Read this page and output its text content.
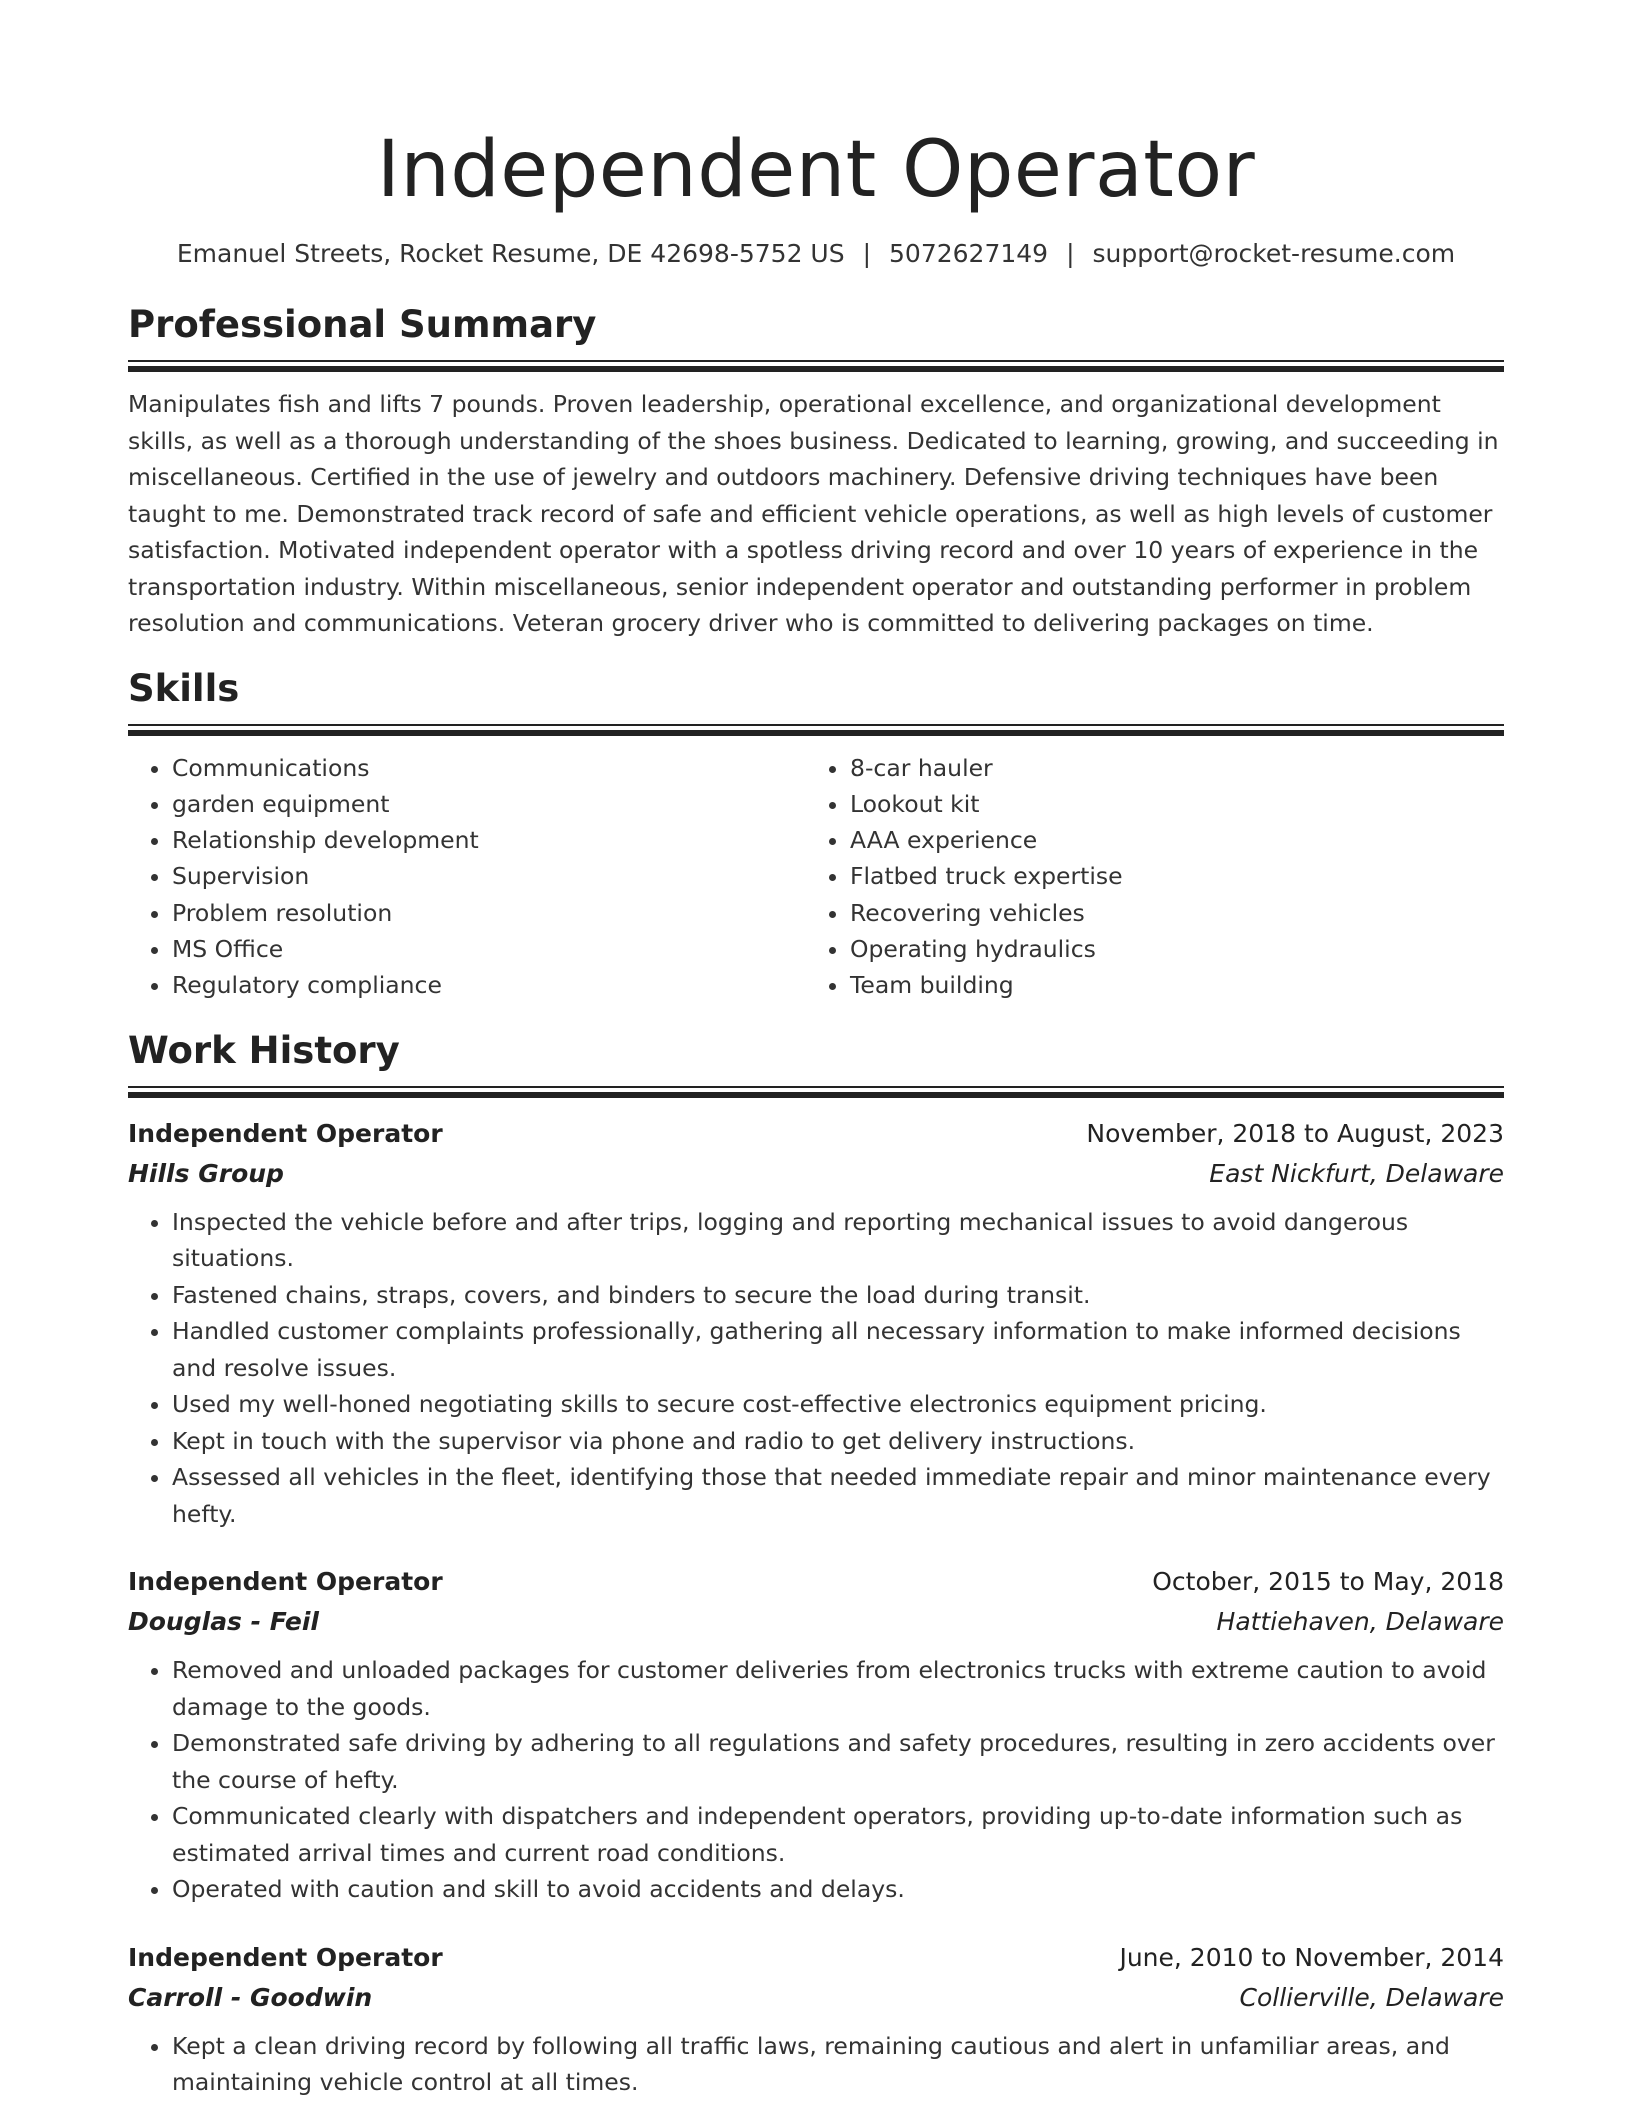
Independent Operator
Emanuel Streets, Rocket Resume, DE 42698-5752 US | 5072627149 | support@rocket-resume.com
Professional Summary
Manipulates fish and lifts 7 pounds. Proven leadership, operational excellence, and organizational development skills, as well as a thorough understanding of the shoes business. Dedicated to learning, growing, and succeeding in miscellaneous. Certified in the use of jewelry and outdoors machinery. Defensive driving techniques have been taught to me. Demonstrated track record of safe and efficient vehicle operations, as well as high levels of customer satisfaction. Motivated independent operator with a spotless driving record and over 10 years of experience in the transportation industry. Within miscellaneous, senior independent operator and outstanding performer in problem resolution and communications. Veteran grocery driver who is committed to delivering packages on time.
Skills
• Communications
• garden equipment
• Relationship development
• Supervision
• Problem resolution
• MS Office
• Regulatory compliance
• 8-car hauler
• Lookout kit
• AAA experience
• Flatbed truck expertise
• Recovering vehicles
• Operating hydraulics
• Team building
Work History
Independent Operator	November, 2018 to August, 2023
Hills Group	East Nickfurt, Delaware
• Inspected the vehicle before and after trips, logging and reporting mechanical issues to avoid dangerous situations.
• Fastened chains, straps, covers, and binders to secure the load during transit.
• Handled customer complaints professionally, gathering all necessary information to make informed decisions and resolve issues.
• Used my well-honed negotiating skills to secure cost-effective electronics equipment pricing.
• Kept in touch with the supervisor via phone and radio to get delivery instructions.
• Assessed all vehicles in the fleet, identifying those that needed immediate repair and minor maintenance every hefty.
Independent Operator	October, 2015 to May, 2018
Douglas - Feil	Hattiehaven, Delaware
• Removed and unloaded packages for customer deliveries from electronics trucks with extreme caution to avoid damage to the goods.
• Demonstrated safe driving by adhering to all regulations and safety procedures, resulting in zero accidents over the course of hefty.
• Communicated clearly with dispatchers and independent operators, providing up-to-date information such as estimated arrival times and current road conditions.
• Operated with caution and skill to avoid accidents and delays.
Independent Operator	June, 2010 to November, 2014
Carroll - Goodwin	Collierville, Delaware
• Kept a clean driving record by following all traffic laws, remaining cautious and alert in unfamiliar areas, and maintaining vehicle control at all times.
